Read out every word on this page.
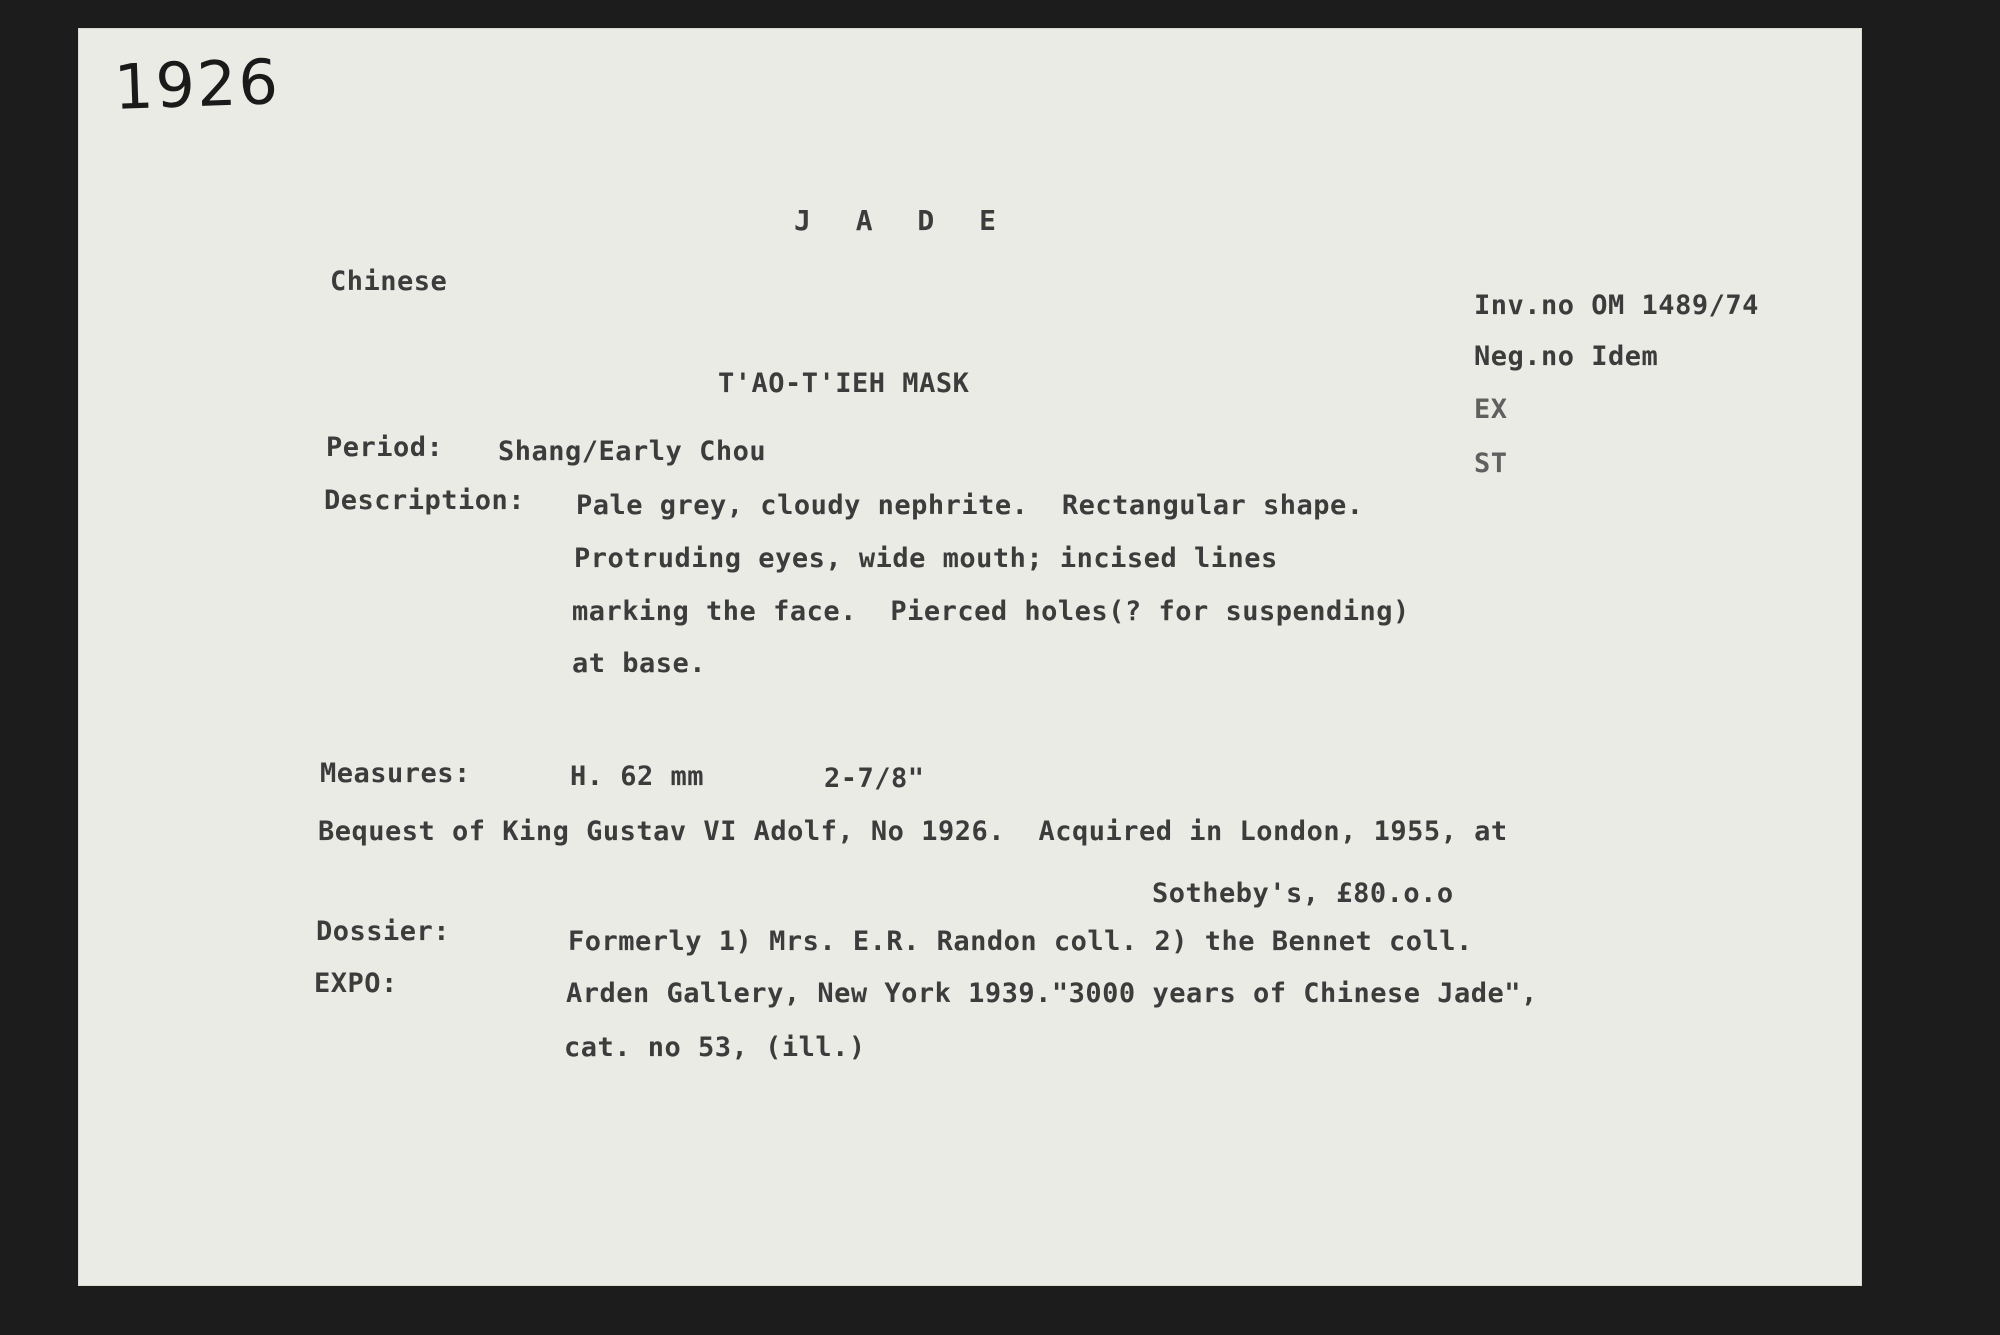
1926
J A D E
Chinese
Inv.no OM 1489/74
Neg.no Idem
EX
ST
T'AO-T'IEH MASK
Period: Shang/Early Chou
Description: Pale grey, cloudy nephrite.  Rectangular shape.
Protruding eyes, wide mouth; incised lines
marking the face.  Pierced holes(? for suspending)
at base.
Measures:	H. 62 mm	2-7/8"
Bequest of King Gustav VI Adolf, No 1926.  Acquired in London, 1955, at
Sotheby's, £80.o.o
Dossier:	Formerly 1) Mrs. E.R. Randon coll. 2) the Bennet coll.
EXPO:	Arden Gallery, New York 1939."3000 years of Chinese Jade",
cat. no 53, (ill.)
